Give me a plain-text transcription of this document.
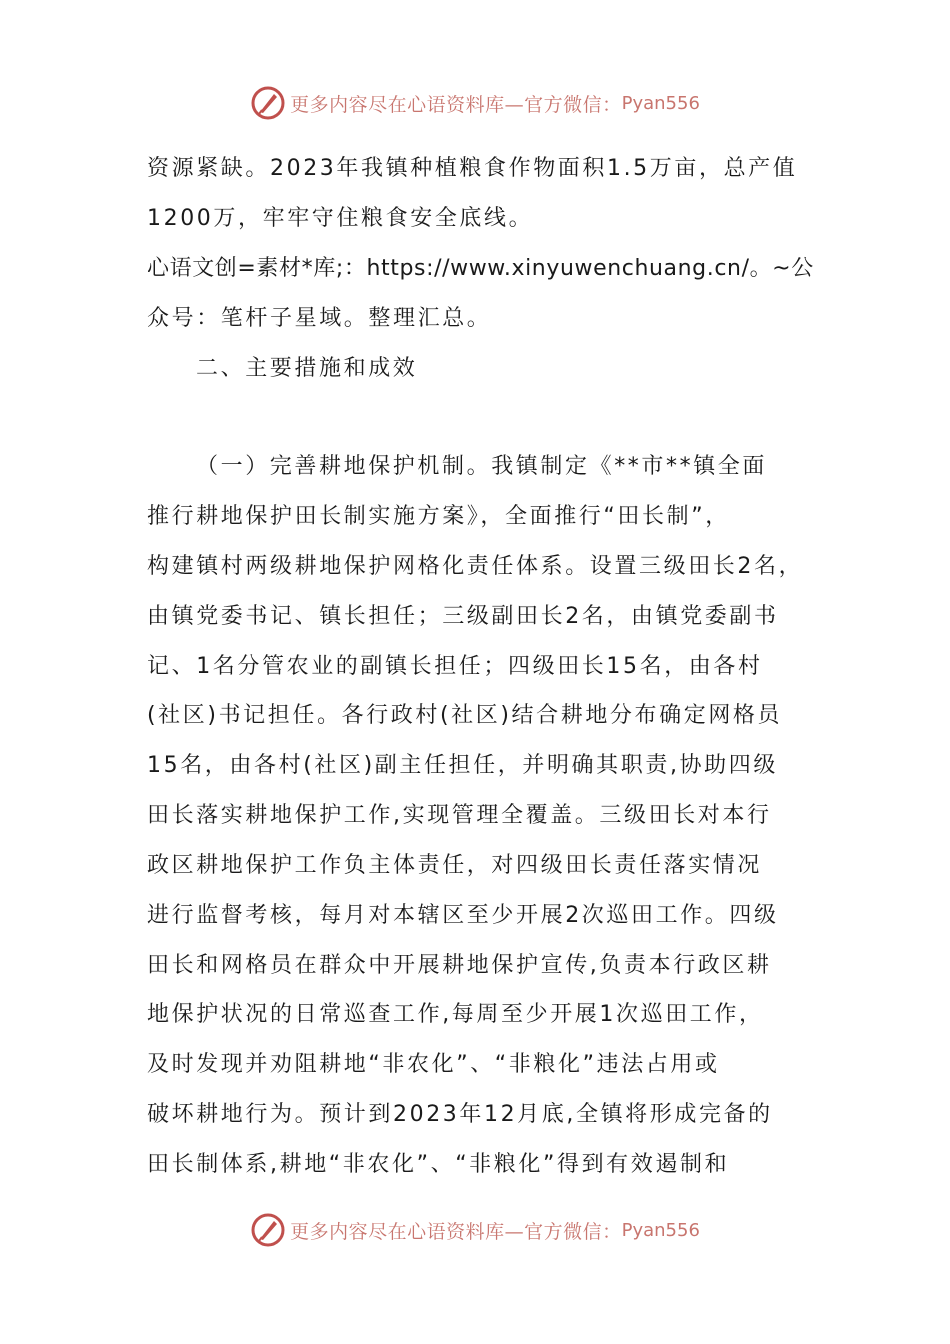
更多内容尽在心语资料库—官方微信： Pyan556
资源紧缺。2023年我镇种植粮食作物面积1.5万亩，总产值
1200万，牢牢守住粮食安全底线。
心语文创=素材*库;：https://www.xinyuwenchuang.cn/。~公
众号：笔杆子星域。整理汇总。
二、主要措施和成效
（一）完善耕地保护机制。我镇制定《**市**镇全面
推行耕地保护田长制实施方案》，全面推行“田长制”，
构建镇村两级耕地保护网格化责任体系。设置三级田长2名，
由镇党委书记、镇长担任；三级副田长2名，由镇党委副书
记、1名分管农业的副镇长担任；四级田长15名，由各村
(社区)书记担任。各行政村(社区)结合耕地分布确定网格员
15名，由各村(社区)副主任担任，并明确其职责,协助四级
田长落实耕地保护工作,实现管理全覆盖。三级田长对本行
政区耕地保护工作负主体责任，对四级田长责任落实情况
进行监督考核，每月对本辖区至少开展2次巡田工作。四级
田长和网格员在群众中开展耕地保护宣传,负责本行政区耕
地保护状况的日常巡查工作,每周至少开展1次巡田工作，
及时发现并劝阻耕地“非农化”、“非粮化”违法占用或
破坏耕地行为。预计到2023年12月底,全镇将形成完备的
田长制体系,耕地“非农化”、“非粮化”得到有效遏制和
更多内容尽在心语资料库—官方微信： Pyan556
